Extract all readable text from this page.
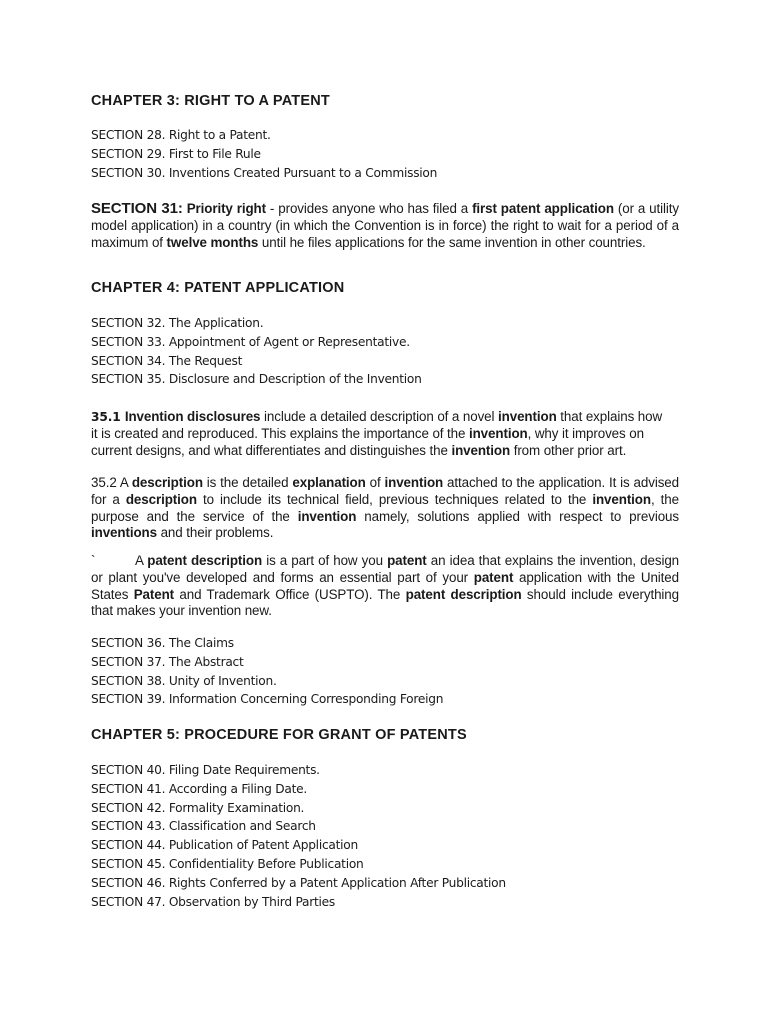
CHAPTER 3: RIGHT TO A PATENT
SECTION 28. Right to a Patent.
SECTION 29. First to File Rule
SECTION 30. Inventions Created Pursuant to a Commission

SECTION 31: Priority right - provides anyone who has filed a first patent application (or a utility model application) in a country (in which the Convention is in force) the right to wait for a period of a maximum of twelve months until he files applications for the same invention in other countries.

CHAPTER 4: PATENT APPLICATION
SECTION 32. The Application.
SECTION 33. Appointment of Agent or Representative.
SECTION 34. The Request
SECTION 35. Disclosure and Description of the Invention

35.1 Invention disclosures include a detailed description of a novel invention that explains how it is created and reproduced. This explains the importance of the invention, why it improves on current designs, and what differentiates and distinguishes the invention from other prior art.

35.2 A description is the detailed explanation of invention attached to the application. It is advised for a description to include its technical field, previous techniques related to the invention, the purpose and the service of the invention namely, solutions applied with respect to previous inventions and their problems.

`	A patent description is a part of how you patent an idea that explains the invention, design or plant you've developed and forms an essential part of your patent application with the United States Patent and Trademark Office (USPTO). The patent description should include everything that makes your invention new.

SECTION 36. The Claims
SECTION 37. The Abstract
SECTION 38. Unity of Invention.
SECTION 39. Information Concerning Corresponding Foreign
CHAPTER 5: PROCEDURE FOR GRANT OF PATENTS
SECTION 40. Filing Date Requirements.
SECTION 41. According a Filing Date.
SECTION 42. Formality Examination.
SECTION 43. Classification and Search
SECTION 44. Publication of Patent Application
SECTION 45. Confidentiality Before Publication
SECTION 46. Rights Conferred by a Patent Application After Publication
SECTION 47. Observation by Third Parties
